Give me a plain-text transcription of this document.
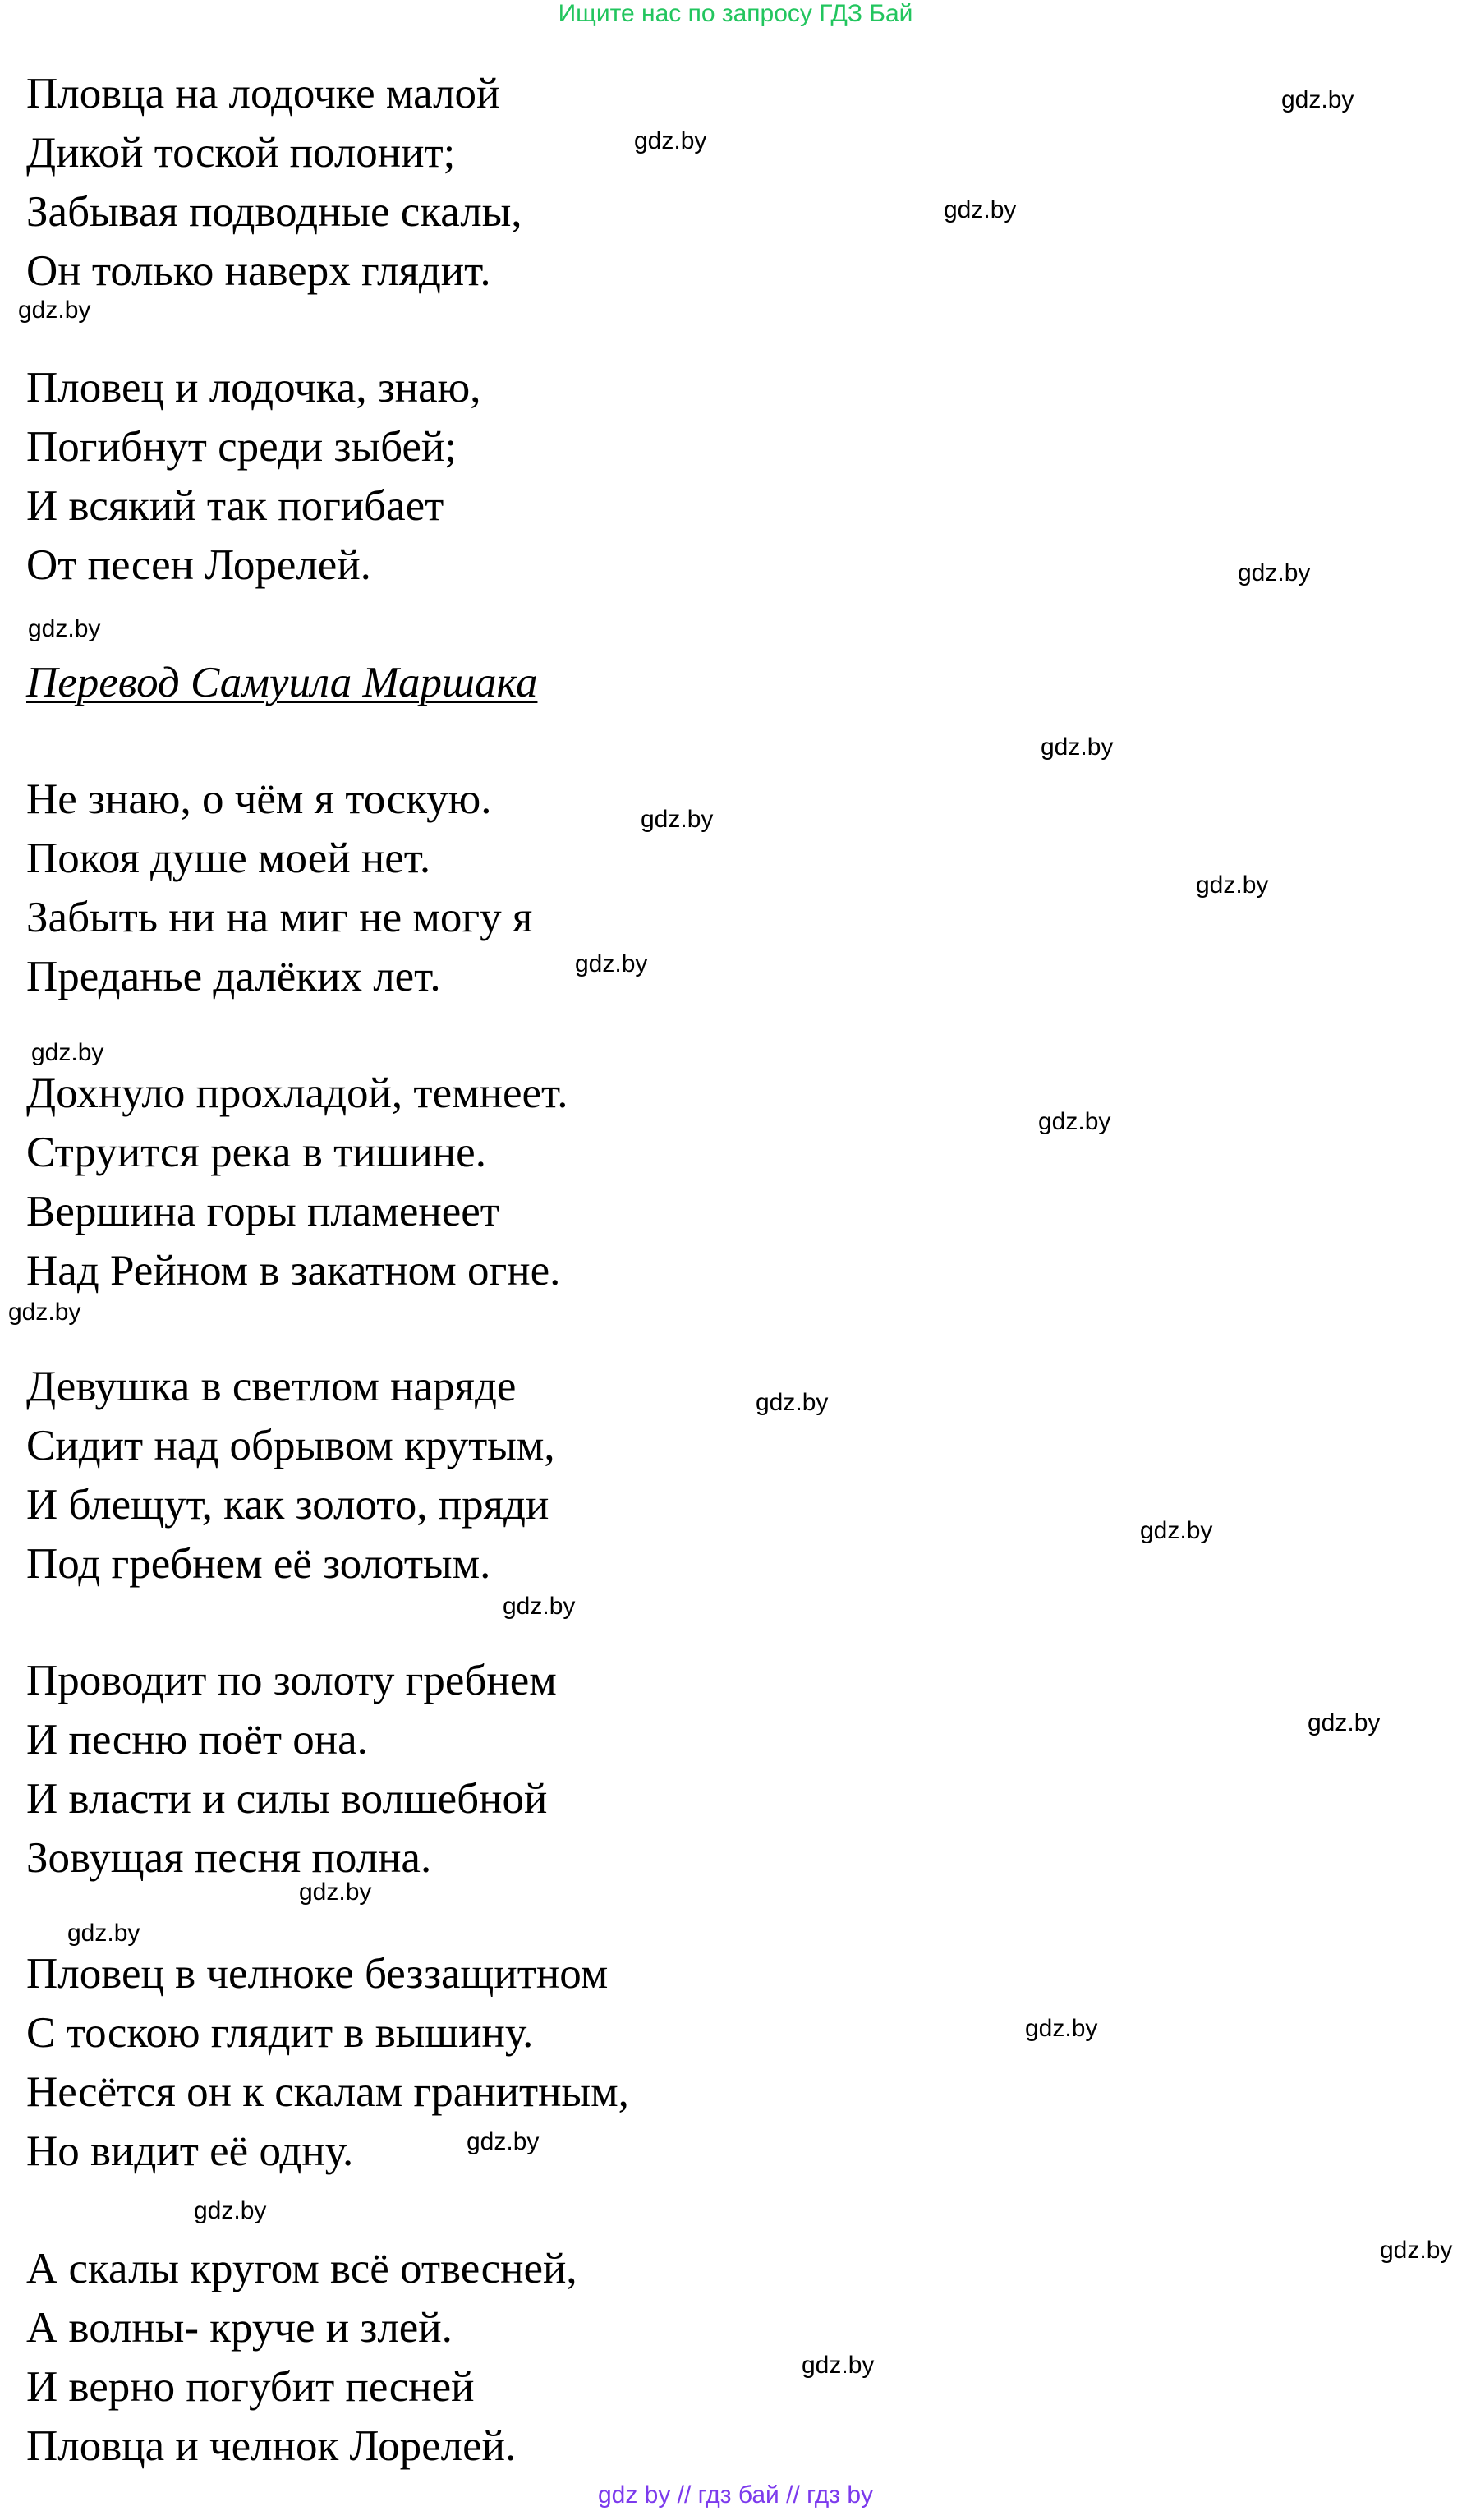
Ищите нас по запросу ГДЗ Бай
Пловца на лодочке малой
Дикой тоской полонит;
Забывая подводные скалы,
Он только наверх глядит.
Пловец и лодочка, знаю,
Погибнут среди зыбей;
И всякий так погибает
От песен Лорелей.
Не знаю, о чём я тоскую.
Покоя душе моей нет.
Забыть ни на миг не могу я
Преданье далёких лет.
Дохнуло прохладой, темнеет.
Струится река в тишине.
Вершина горы пламенеет
Над Рейном в закатном огне.
Девушка в светлом наряде
Сидит над обрывом крутым,
И блещут, как золото, пряди
Под гребнем её золотым.
Проводит по золоту гребнем
И песню поёт она.
И власти и силы волшебной
Зовущая песня полна.
Пловец в челноке беззащитном
С тоскою глядит в вышину.
Несётся он к скалам гранитным,
Но видит её одну.
А скалы кругом всё отвесней,
А волны- круче и злей.
И верно погубит песней
Пловца и челнок Лорелей.
Перевод Самуила Маршака
gdz.by
gdz.by
gdz.by
gdz.by
gdz.by
gdz.by
gdz.by
gdz.by
gdz.by
gdz.by
gdz.by
gdz.by
gdz.by
gdz.by
gdz.by
gdz.by
gdz.by
gdz.by
gdz.by
gdz.by
gdz.by
gdz.by
gdz.by
gdz.by
gdz by // гдз бай // гдз by
